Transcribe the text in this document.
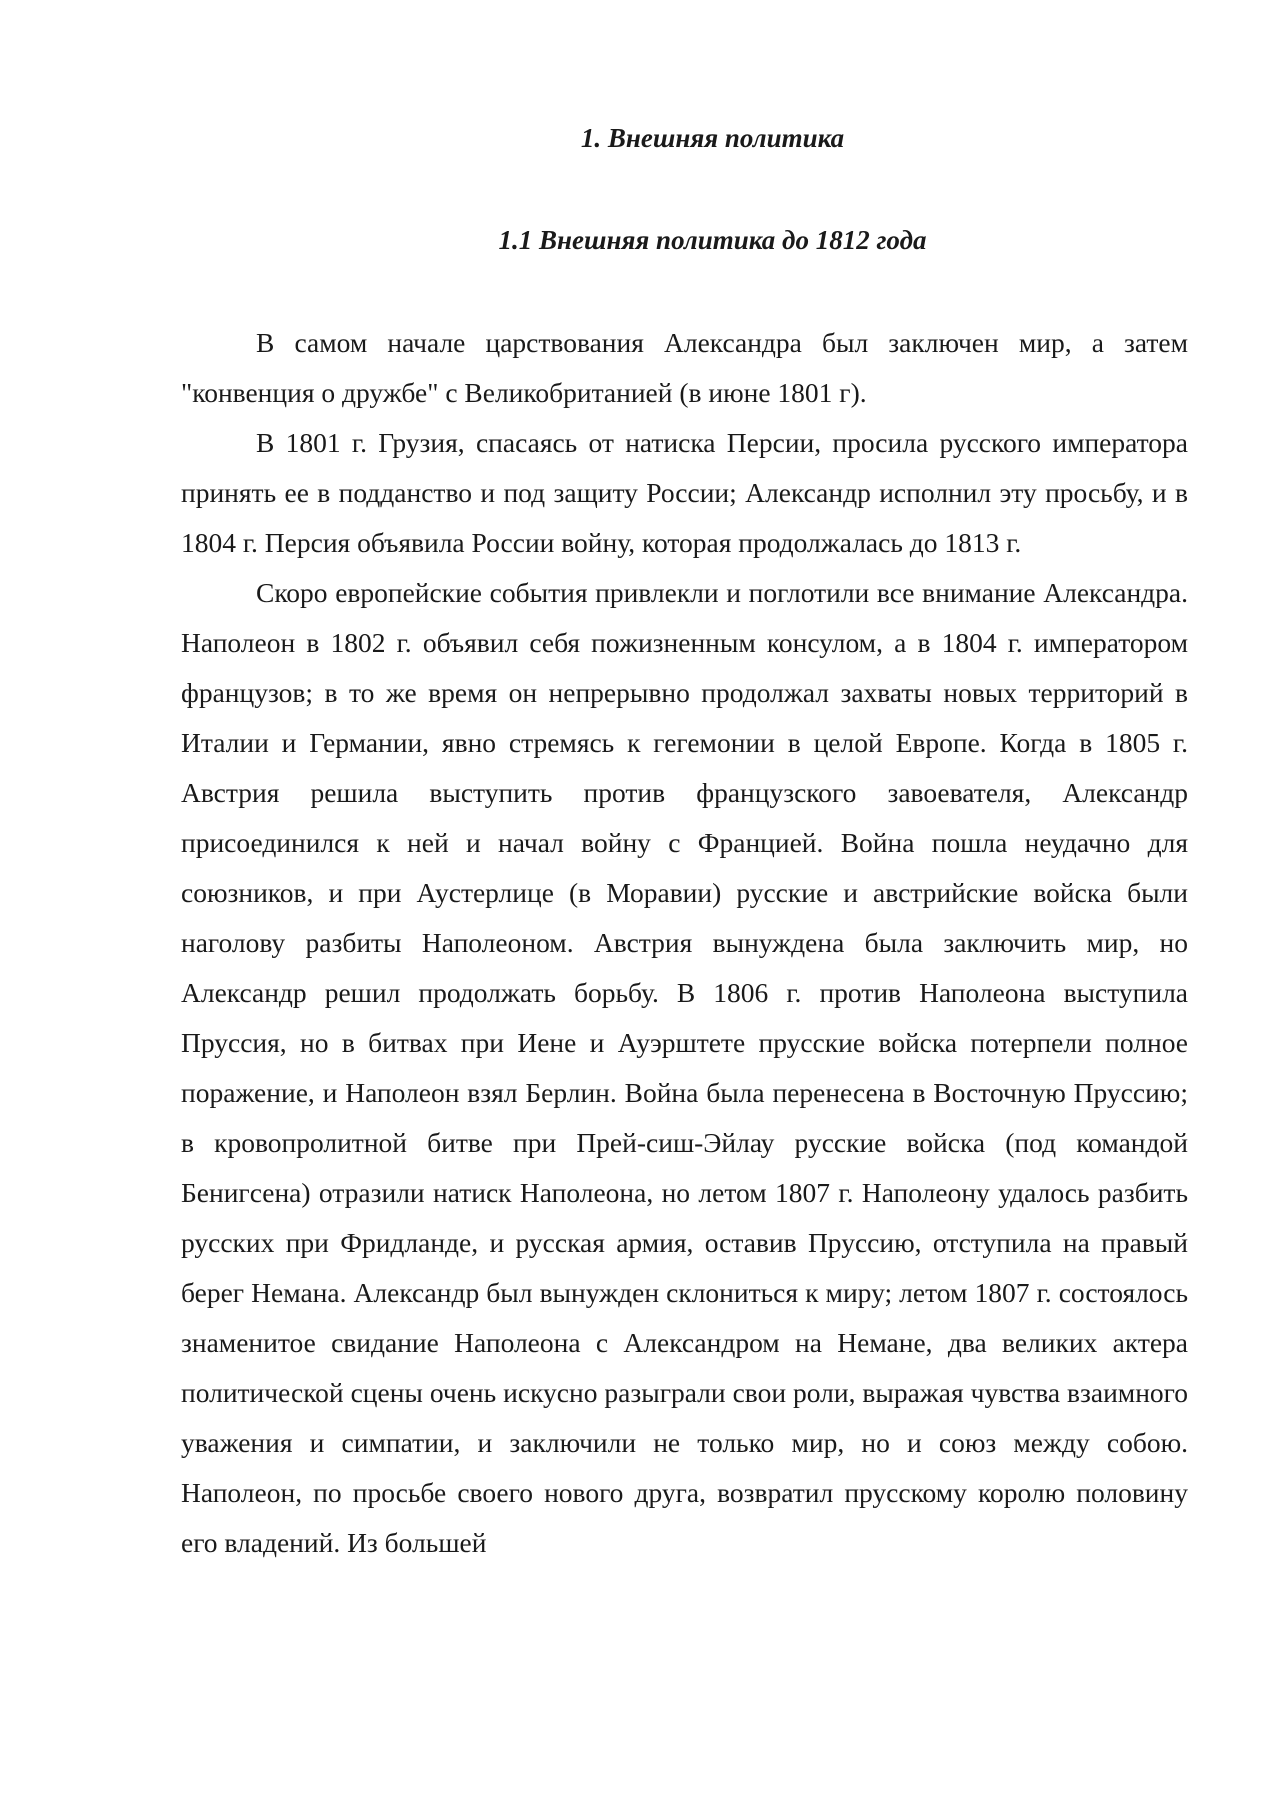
1. Внешняя политика
1.1 Внешняя политика до 1812 года

В самом начале царствования Александра был заключен мир, а затем "конвенция о дружбе" с Великобританией (в июне 1801 г).

В 1801 г. Грузия, спасаясь от натиска Персии, просила русского императора принять ее в подданство и под защиту России; Александр исполнил эту просьбу, и в 1804 г. Персия объявила России войну, которая продолжалась до 1813 г.

Скоро европейские события привлекли и поглотили все внимание Александра. Наполеон в 1802 г. объявил себя пожизненным консулом, а в 1804 г. императором французов; в то же время он непрерывно продолжал захваты новых территорий в Италии и Германии, явно стремясь к гегемонии в целой Европе. Когда в 1805 г. Австрия решила выступить против французского завоевателя, Александр присоединился к ней и начал войну с Францией. Война пошла неудачно для союзников, и при Аустерлице (в Моравии) русские и австрийские войска были наголову разбиты Наполеоном. Австрия вынуждена была заключить мир, но Александр решил продолжать борьбу. В 1806 г. против Наполеона выступила Пруссия, но в битвах при Иене и Ауэрштете прусские войска потерпели полное поражение, и Наполеон взял Берлин. Война была перенесена в Восточную Пруссию; в кровопролитной битве при Прей-сиш-Эйлау русские войска (под командой Бенигсена) отразили натиск Наполеона, но летом 1807 г. Наполеону удалось разбить русских при Фридланде, и русская армия, оставив Пруссию, отступила на правый берег Немана. Александр был вынужден склониться к миру; летом 1807 г. состоялось знаменитое свидание Наполеона с Александром на Немане, два великих актера политической сцены очень искусно разыграли свои роли, выражая чувства взаимного уважения и симпатии, и заключили не только мир, но и союз между собою. Наполеон, по просьбе своего нового друга, возвратил прусскому королю половину его владений. Из большей
